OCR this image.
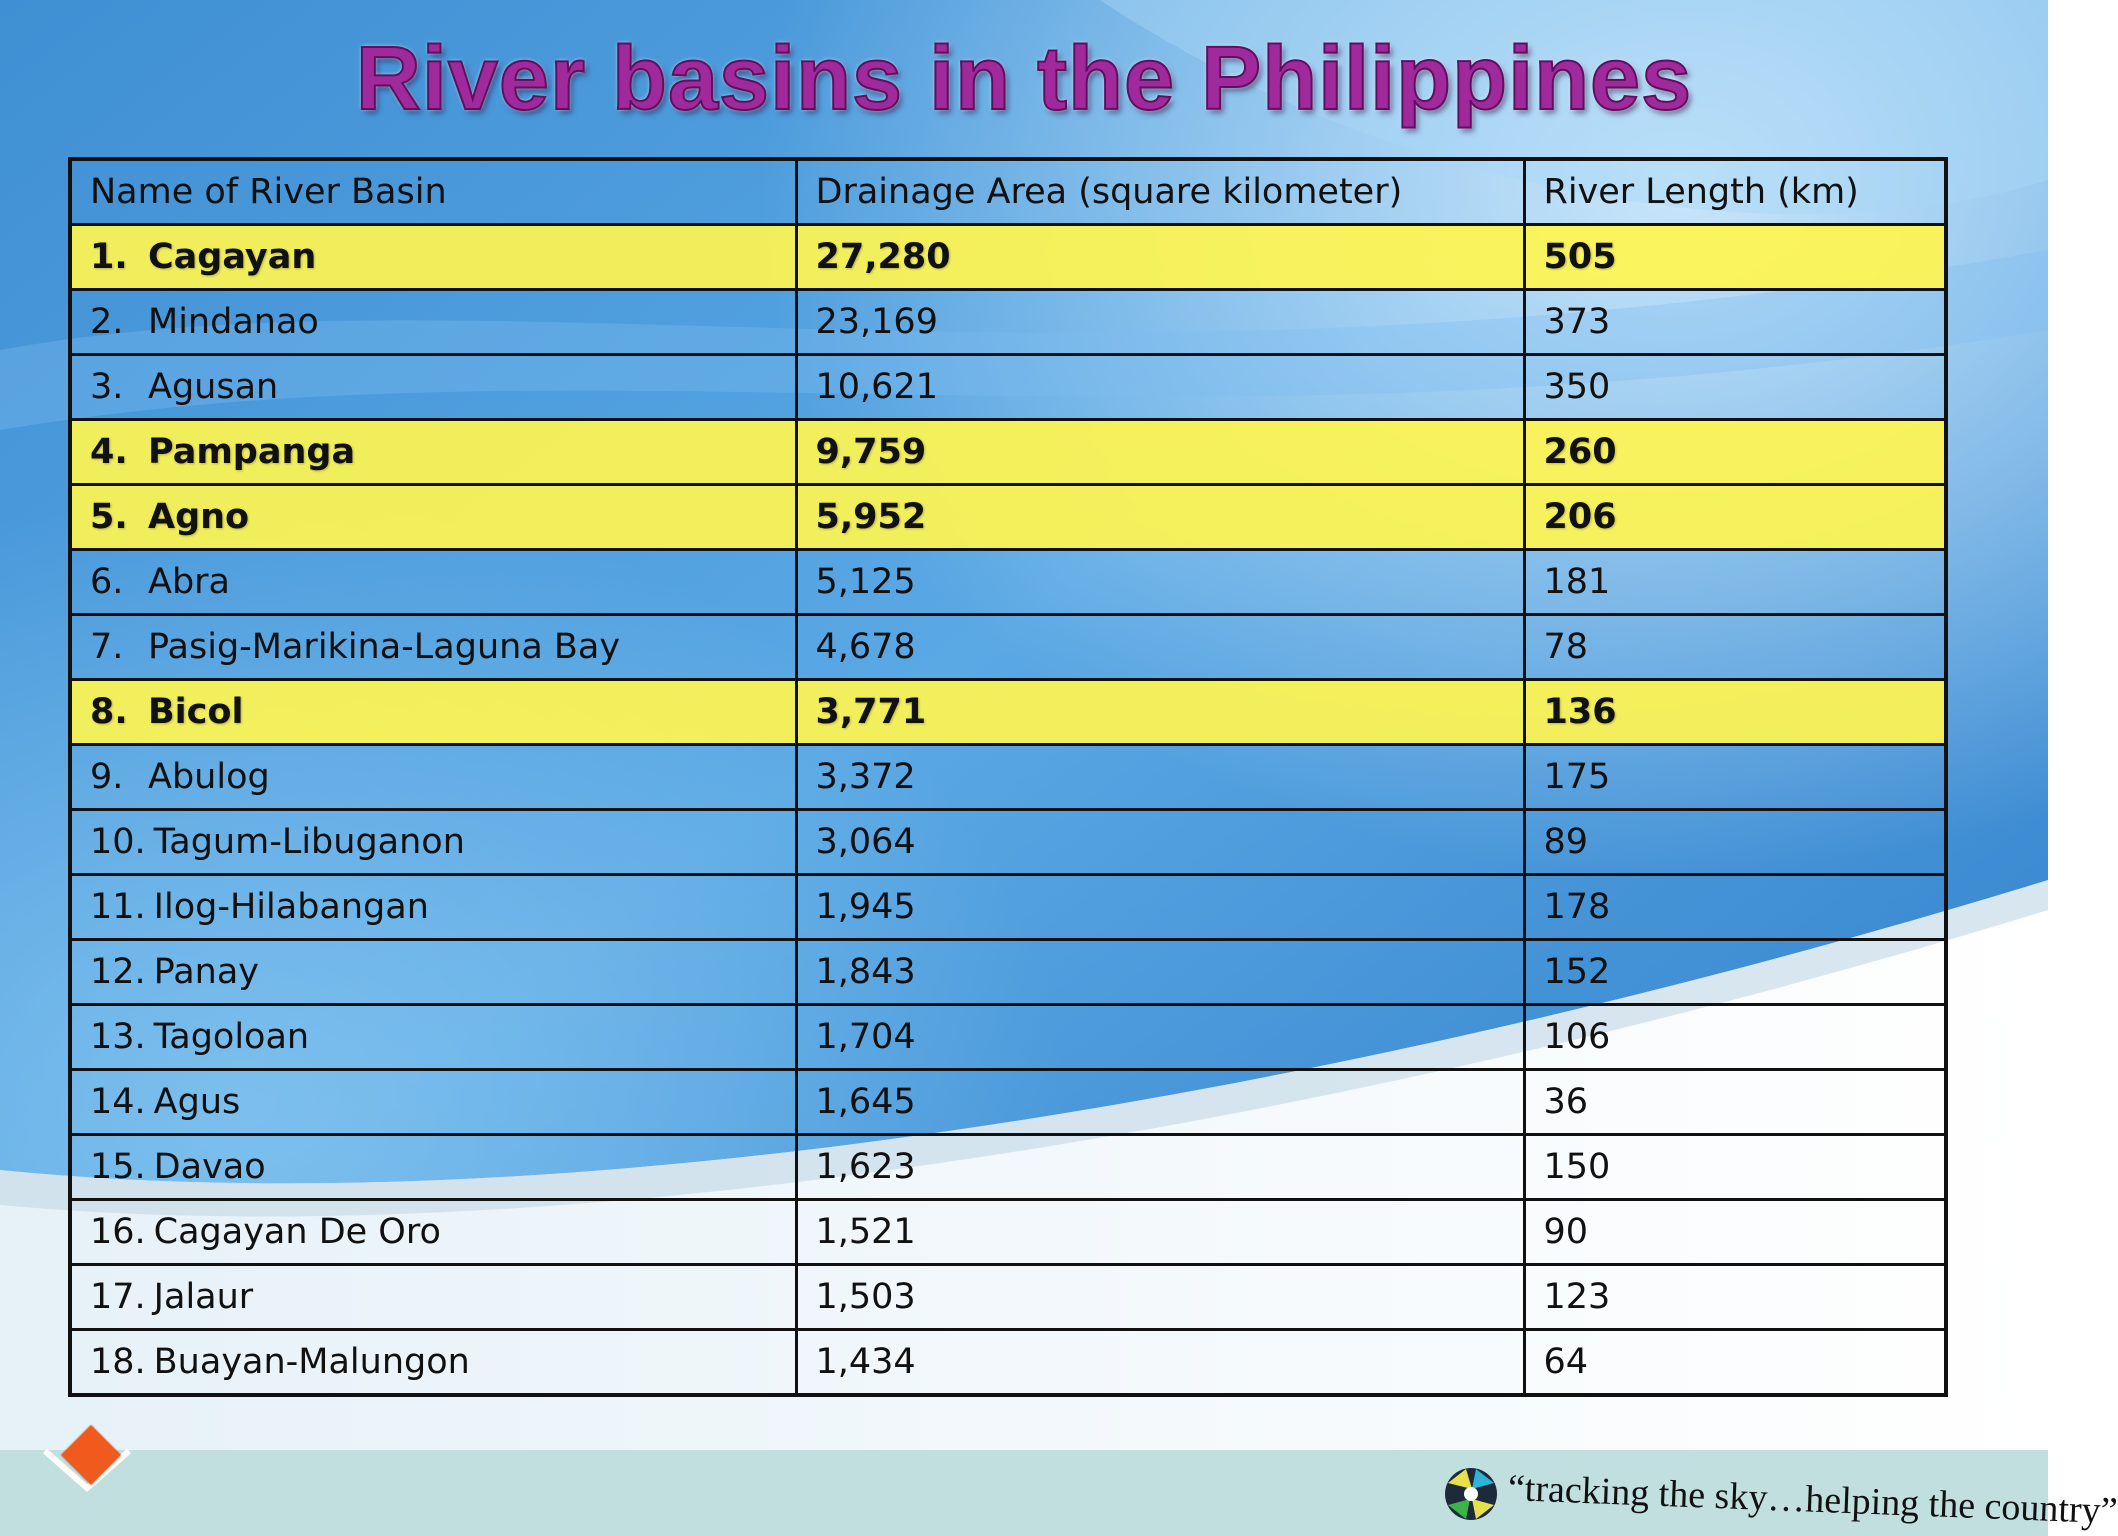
River basins in the Philippines
Name of River Basin	Drainage Area (square kilometer)	River Length (km)
1. Cagayan	27,280	505
2. Mindanao	23,169	373
3. Agusan	10,621	350
4. Pampanga	9,759	260
5. Agno	5,952	206
6. Abra	5,125	181
7. Pasig-Marikina-Laguna Bay	4,678	78
8. Bicol	3,771	136
9. Abulog	3,372	175
10. Tagum-Libuganon	3,064	89
11. Ilog-Hilabangan	1,945	178
12. Panay	1,843	152
13. Tagoloan	1,704	106
14. Agus	1,645	36
15. Davao	1,623	150
16. Cagayan De Oro	1,521	90
17. Jalaur	1,503	123
18. Buayan-Malungon	1,434	64
“tracking the sky…helping the country”
